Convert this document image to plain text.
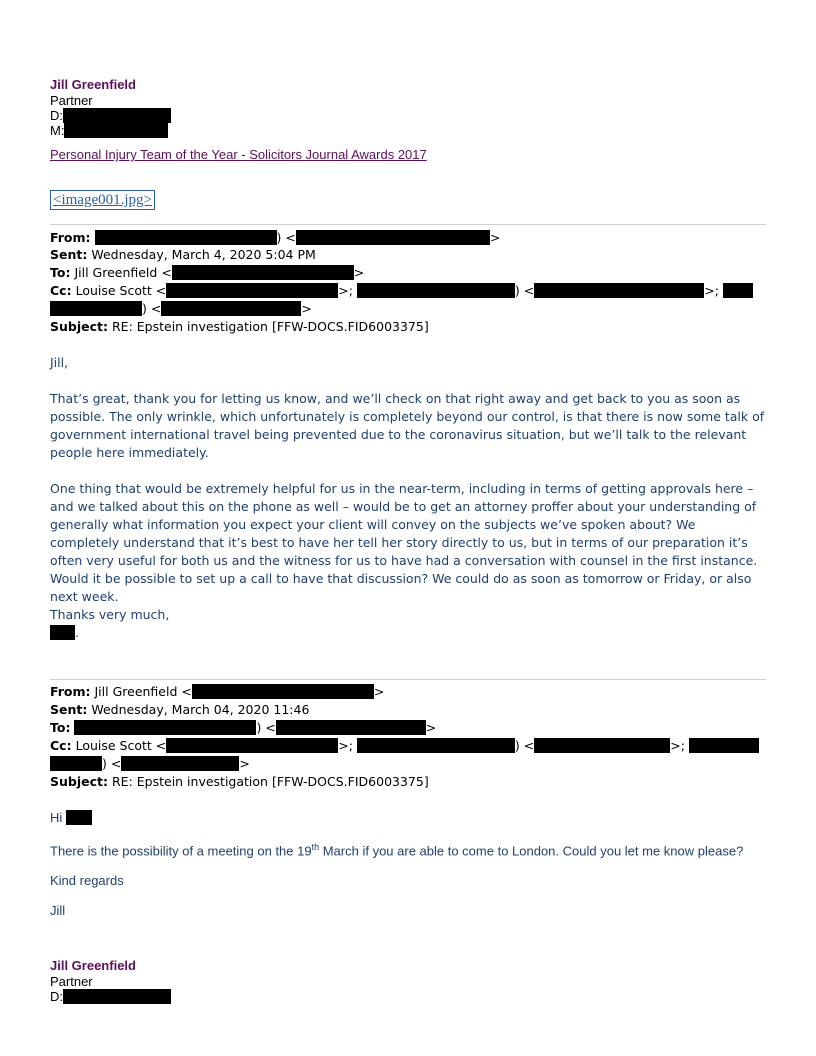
Jill Greenfield
Partner
D:
M:
Personal Injury Team of the Year - Solicitors Journal Awards 2017
<image001.jpg>
From:	) <	>
Sent: Wednesday, March 4, 2020 5:04 PM
To: Jill Greenfield <	>
Cc: Louise Scott <	>;	) <	>;
) <	>
Subject: RE: Epstein investigation [FFW-DOCS.FID6003375]
Jill,
That’s great, thank you for letting us know, and we’ll check on that right away and get back to you as soon as possible. The only wrinkle, which unfortunately is completely beyond our control, is that there is now some talk of government international travel being prevented due to the coronavirus situation, but we’ll talk to the relevant people here immediately.
One thing that would be extremely helpful for us in the near-term, including in terms of getting approvals here – and we talked about this on the phone as well – would be to get an attorney proffer about your understanding of generally what information you expect your client will convey on the subjects we’ve spoken about? We completely understand that it’s best to have her tell her story directly to us, but in terms of our preparation it’s often very useful for both us and the witness for us to have had a conversation with counsel in the first instance. Would it be possible to set up a call to have that discussion? We could do as soon as tomorrow or Friday, or also next week.
Thanks very much,
.
From: Jill Greenfield <	>
Sent: Wednesday, March 04, 2020 11:46
To:	) <	>
Cc: Louise Scott <	>;	) <	>;
) <	>
Subject: RE: Epstein investigation [FFW-DOCS.FID6003375]
Hi
There is the possibility of a meeting on the 19th March if you are able to come to London. Could you let me know please?
Kind regards
Jill
Jill Greenfield
Partner
D:
